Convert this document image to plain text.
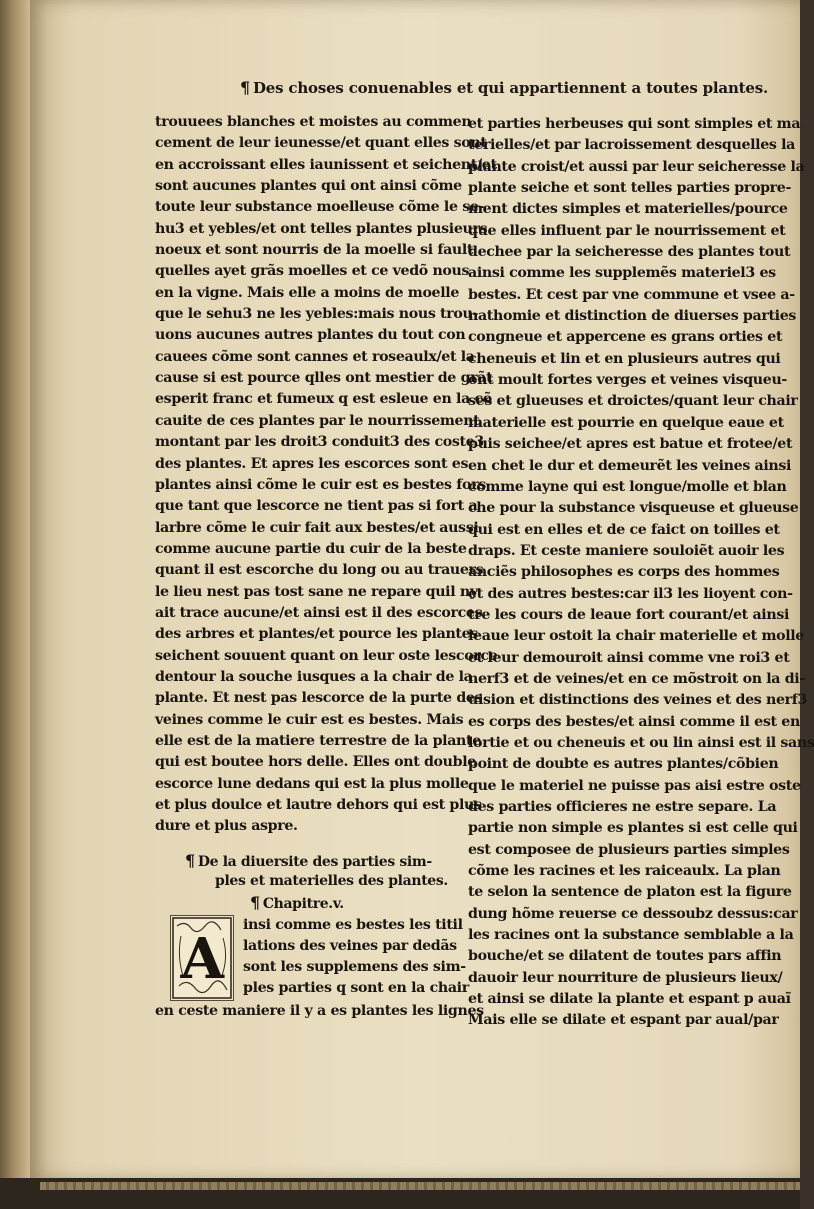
¶ Des choses conuenables et qui appartiennent a toutes plantes.
trouuees blanches et moistes au commen
cement de leur ieunesse/et quant elles sont
en accroissant elles iaunissent et seichent/et
sont aucunes plantes qui ont ainsi cõme
toute leur substance moelleuse cõme le se-
hu3 et yebles/et ont telles plantes plusieurs
noeux et sont nourris de la moelle si fault
quelles ayet grãs moelles et ce vedõ nous
en la vigne. Mais elle a moins de moelle
que le sehu3 ne les yebles:mais nous trou-
uons aucunes autres plantes du tout con
cauees cõme sont cannes et roseaulx/et la
cause si est pource qlles ont mestier de grãt
esperit franc et fumeux q est esleue en la cõ
cauite de ces plantes par le nourrissement
montant par les droit3 conduit3 des coste3
des plantes. Et apres les escorces sont es
plantes ainsi cõme le cuir est es bestes fors
que tant que lescorce ne tient pas si fort a
larbre cõme le cuir fait aux bestes/et aussi
comme aucune partie du cuir de la beste
quant il est escorche du long ou au trauers
le lieu nest pas tost sane ne repare quil ny
ait trace aucune/et ainsi est il des escorces
des arbres et plantes/et pource les plantes
seichent souuent quant on leur oste lescorce
dentour la souche iusques a la chair de la
plante. Et nest pas lescorce de la purte des
veines comme le cuir est es bestes. Mais
elle est de la matiere terrestre de la plante
qui est boutee hors delle. Elles ont double
escorce lune dedans qui est la plus molle
et plus doulce et lautre dehors qui est plus
dure et plus aspre.
¶ De la diuersite des parties sim-
ples et materielles des plantes.
¶ Chapitre.v.
A
insi comme es bestes les titil
lations des veines par dedãs
sont les supplemens des sim-
ples parties q sont en la chair
en ceste maniere il y a es plantes les lignes
et parties herbeuses qui sont simples et ma
terielles/et par lacroissement desquelles la
plante croist/et aussi par leur seicheresse la
plante seiche et sont telles parties propre-
ment dictes simples et materielles/pource
que elles influent par le nourrissement et
dechee par la seicheresse des plantes tout
ainsi comme les supplemẽs materiel3 es
bestes. Et cest par vne commune et vsee a-
nathomie et distinction de diuerses parties
congneue et appercene es grans orties et
cheneuis et lin et en plusieurs autres qui
ont moult fortes verges et veines visqueu-
ses et glueuses et droictes/quant leur chair
materielle est pourrie en quelque eaue et
puis seichee/et apres est batue et frotee/et
en chet le dur et demeurẽt les veines ainsi
comme layne qui est longue/molle et blan
che pour la substance visqueuse et glueuse
qui est en elles et de ce faict on toilles et
draps. Et ceste maniere souloiẽt auoir les
anciẽs philosophes es corps des hommes
et des autres bestes:car il3 les lioyent con-
tre les cours de leaue fort courant/et ainsi
leaue leur ostoit la chair materielle et molle
et leur demouroit ainsi comme vne roi3 et
nerf3 et de veines/et en ce mõstroit on la di-
uision et distinctions des veines et des nerf3
es corps des bestes/et ainsi comme il est en
lortie et ou cheneuis et ou lin ainsi est il sans
point de doubte es autres plantes/cõbien
que le materiel ne puisse pas aisi estre oste
des parties officieres ne estre separe. La
partie non simple es plantes si est celle qui
est composee de plusieurs parties simples
cõme les racines et les raiceaulx. La plan
te selon la sentence de platon est la figure
dung hõme reuerse ce dessoubz dessus:car
les racines ont la substance semblable a la
bouche/et se dilatent de toutes pars affin
dauoir leur nourriture de plusieurs lieux/
et ainsi se dilate la plante et espant p auaĩ
Mais elle se dilate et espant par aual/par
